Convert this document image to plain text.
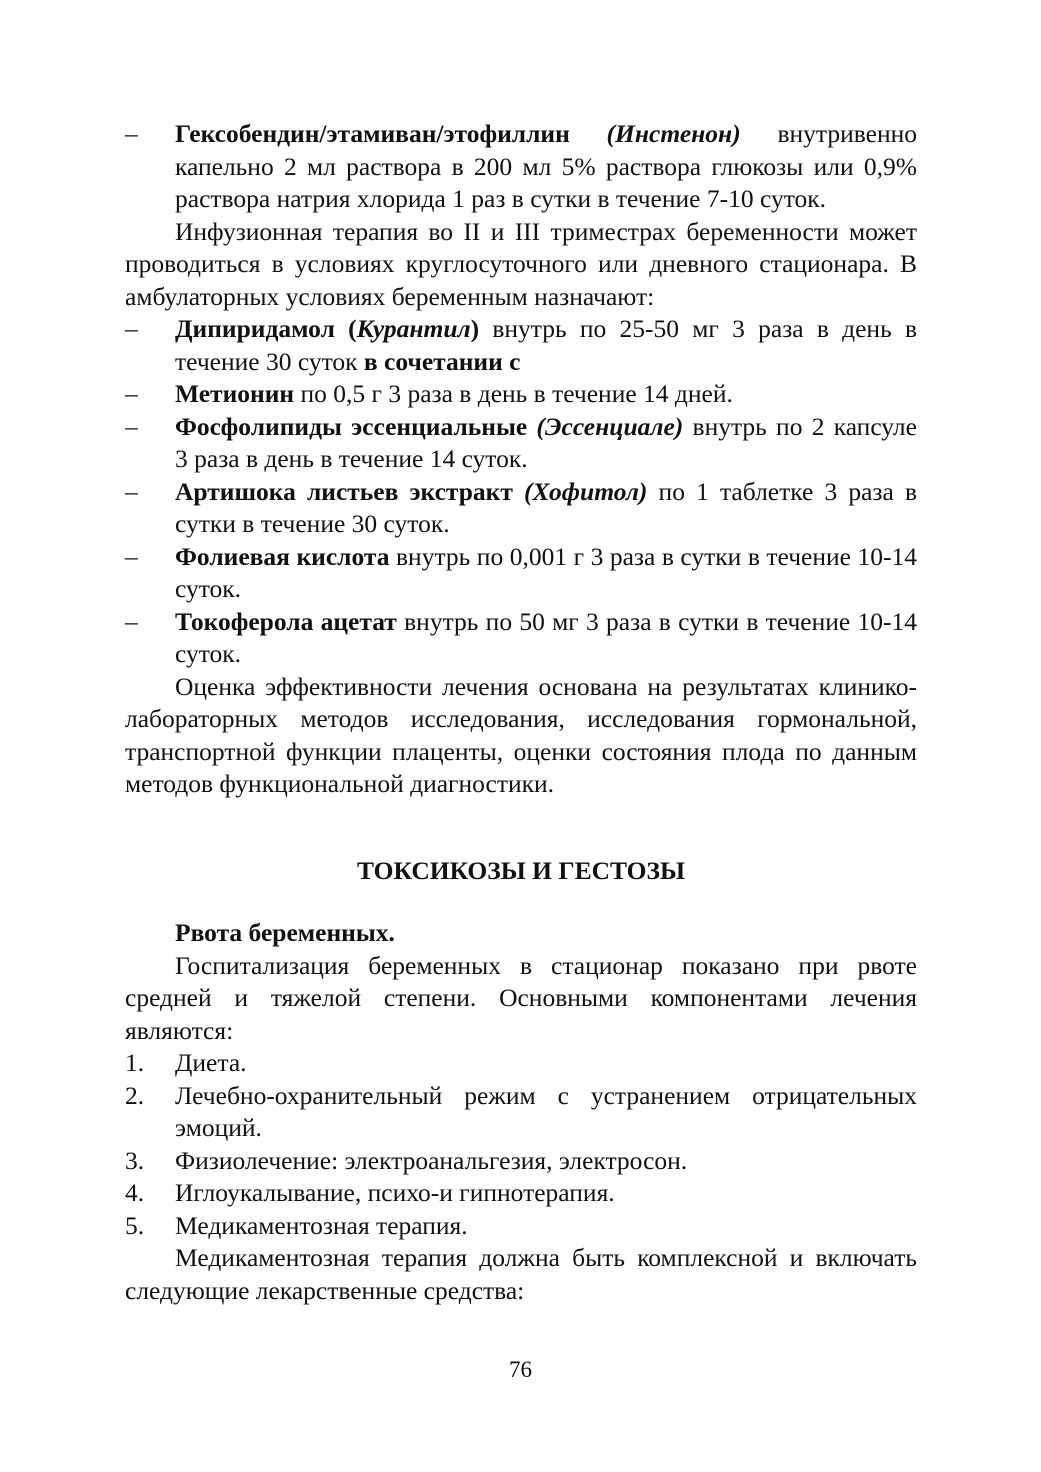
–	Гексобендин/этамиван/этофиллин (Инстенон) внутривенно капельно 2 мл раствора в 200 мл 5% раствора глюкозы или 0,9% раствора натрия хлорида 1 раз в сутки в течение 7-10 суток.

Инфузионная терапия во II и III триместрах беременности может проводиться в условиях круглосуточного или дневного стационара. В амбулаторных условиях беременным назначают:

–	Дипиридамол (Курантил) внутрь по 25-50 мг 3 раза в день в течение 30 суток в сочетании с
–	Метионин по 0,5 г 3 раза в день в течение 14 дней.
–	Фосфолипиды эссенциальные (Эссенциале) внутрь по 2 капсуле 3 раза в день в течение 14 суток.
–	Артишока листьев экстракт (Хофитол) по 1 таблетке 3 раза в сутки в течение 30 суток.
–	Фолиевая кислота внутрь по 0,001 г 3 раза в сутки в течение 10-14 суток.
–	Токоферола ацетат внутрь по 50 мг 3 раза в сутки в течение 10-14 суток.

Оценка эффективности лечения основана на результатах клинико-лабораторных методов исследования, исследования гормональной, транспортной функции плаценты, оценки состояния плода по данным методов функциональной диагностики.

ТОКСИКОЗЫ И ГЕСТОЗЫ
Рвота беременных.

Госпитализация беременных в стационар показано при рвоте средней и тяжелой степени. Основными компонентами лечения являются:

1.	Диета.
2.	Лечебно-охранительный режим с устранением отрицательных эмоций.
3.	Физиолечение: электроанальгезия, электросон.
4.	Иглоукалывание, психо-и гипнотерапия.
5.	Медикаментозная терапия.

Медикаментозная терапия должна быть комплексной и включать следующие лекарственные средства:

76
